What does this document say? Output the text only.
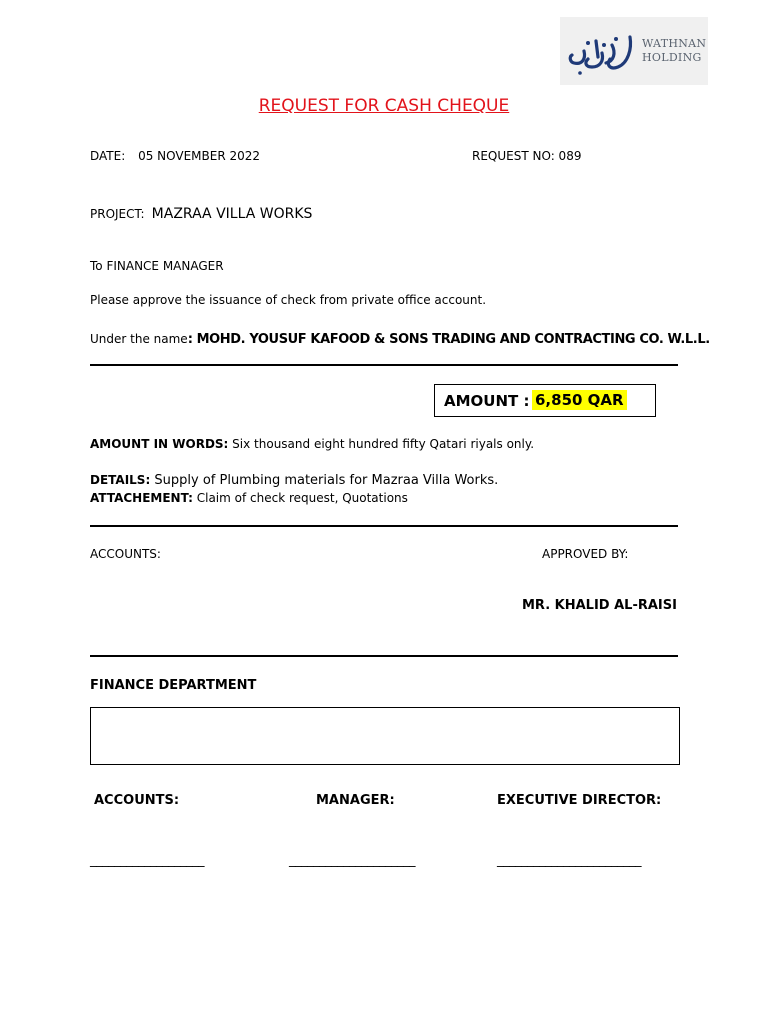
WATHNAN
HOLDING
REQUEST FOR CASH CHEQUE
DATE: 05 NOVEMBER 2022	REQUEST NO: 089
PROJECT: MAZRAA VILLA WORKS
To FINANCE MANAGER
Please approve the issuance of check from private office account.
Under the name: MOHD. YOUSUF KAFOOD & SONS TRADING AND CONTRACTING CO. W.L.L.
AMOUNT : 6,850 QAR
AMOUNT IN WORDS: Six thousand eight hundred fifty Qatari riyals only.
DETAILS: Supply of Plumbing materials for Mazraa Villa Works.
ATTACHEMENT: Claim of check request, Quotations
ACCOUNTS:	APPROVED BY:
MR. KHALID AL-RAISI
FINANCE DEPARTMENT
ACCOUNTS:	MANAGER:	EXECUTIVE DIRECTOR:
___________________	_____________________	________________________
